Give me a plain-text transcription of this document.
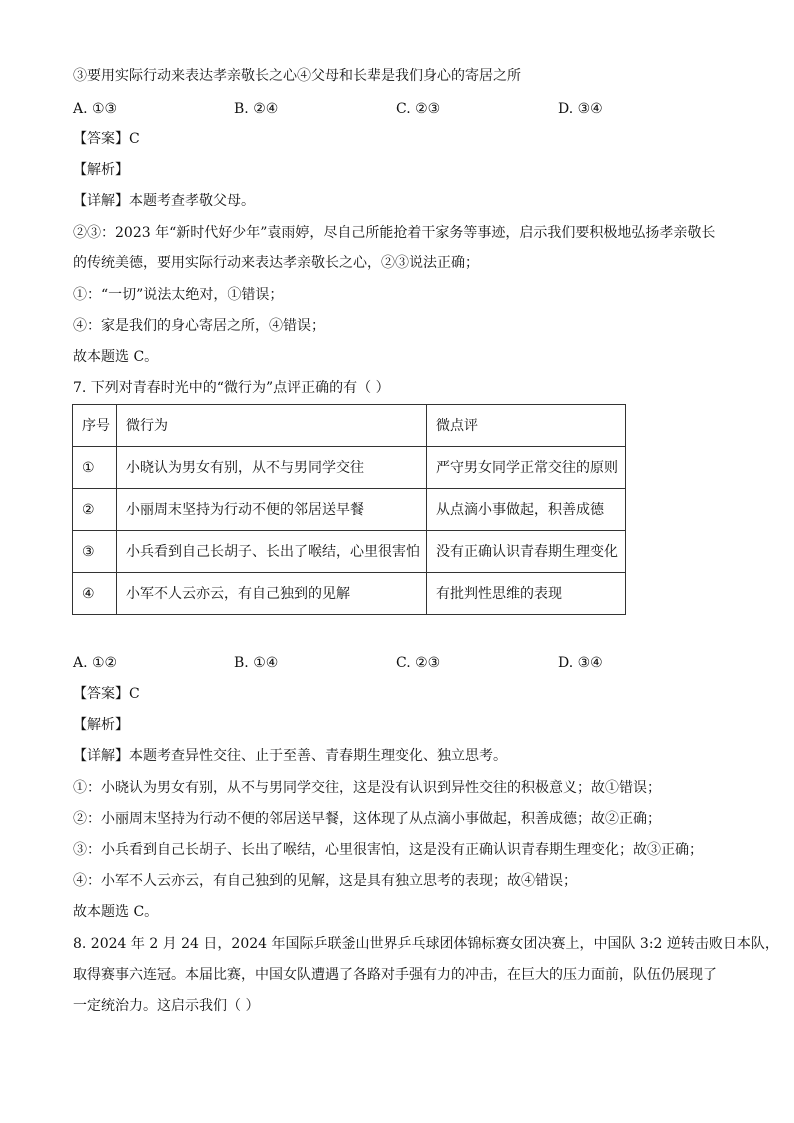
③要用实际行动来表达孝亲敬长之心④父母和长辈是我们身心的寄居之所
A. ①③	B. ②④	C. ②③	D. ③④
【答案】C
【解析】
【详解】本题考查孝敬父母。
②③：2023 年“新时代好少年”袁雨婷，尽自己所能抢着干家务等事迹，启示我们要积极地弘扬孝亲敬长
的传统美德，要用实际行动来表达孝亲敬长之心，②③说法正确；
①：“一切”说法太绝对，①错误；
④：家是我们的身心寄居之所，④错误；
故本题选 C。
7. 下列对青春时光中的“微行为”点评正确的有（ ）
序号	微行为	微点评
①	小晓认为男女有别，从不与男同学交往	严守男女同学正常交往的原则
②	小丽周末坚持为行动不便的邻居送早餐	从点滴小事做起，积善成德
③	小兵看到自己长胡子、长出了喉结，心里很害怕	没有正确认识青春期生理变化
④	小军不人云亦云，有自己独到的见解	有批判性思维的表现
A. ①②	B. ①④	C. ②③	D. ③④
【答案】C
【解析】
【详解】本题考查异性交往、止于至善、青春期生理变化、独立思考。
①：小晓认为男女有别，从不与男同学交往，这是没有认识到异性交往的积极意义；故①错误；
②：小丽周末坚持为行动不便的邻居送早餐，这体现了从点滴小事做起，积善成德；故②正确；
③：小兵看到自己长胡子、长出了喉结，心里很害怕，这是没有正确认识青春期生理变化；故③正确；
④：小军不人云亦云，有自己独到的见解，这是具有独立思考的表现；故④错误；
故本题选 C。
8. 2024 年 2 月 24 日，2024 年国际乒联釜山世界乒乓球团体锦标赛女团决赛上，中国队 3:2 逆转击败日本队，
取得赛事六连冠。本届比赛，中国女队遭遇了各路对手强有力的冲击，在巨大的压力面前，队伍仍展现了
一定统治力。这启示我们（ ）
